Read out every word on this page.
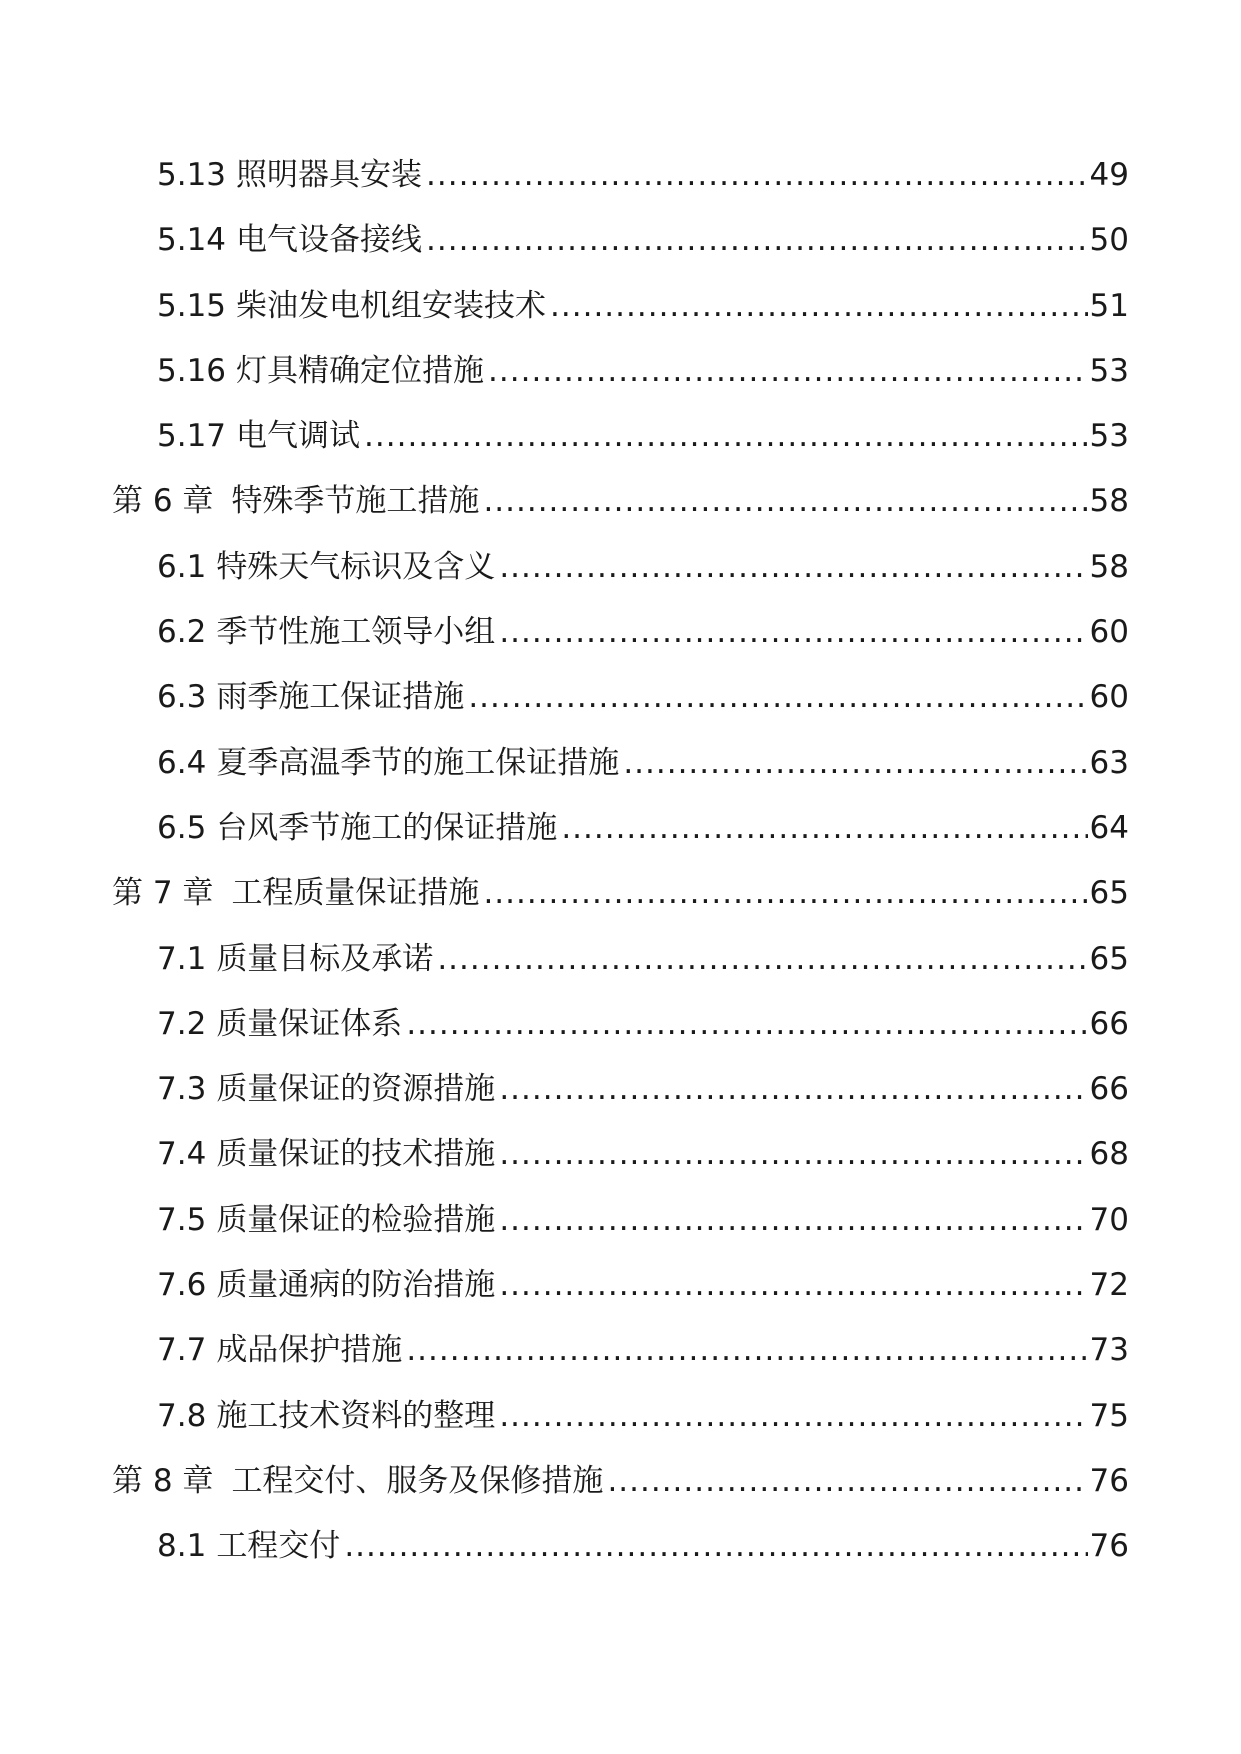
5.13 照明器具安装 .....	49
5.14 电气设备接线 .....	50
5.15 柴油发电机组安装技术 .....	51
5.16 灯具精确定位措施 .....	53
5.17 电气调试 .....	53
第 6 章 特殊季节施工措施 .....	58
6.1 特殊天气标识及含义 .....	58
6.2 季节性施工领导小组 .....	60
6.3 雨季施工保证措施 .....	60
6.4 夏季高温季节的施工保证措施 .....	63
6.5 台风季节施工的保证措施 .....	64
第 7 章 工程质量保证措施 .....	65
7.1 质量目标及承诺 .....	65
7.2 质量保证体系 .....	66
7.3 质量保证的资源措施 .....	66
7.4 质量保证的技术措施 .....	68
7.5 质量保证的检验措施 .....	70
7.6 质量通病的防治措施 .....	72
7.7 成品保护措施 .....	73
7.8 施工技术资料的整理 .....	75
第 8 章 工程交付、服务及保修措施 .....	76
8.1 工程交付 .....	76
